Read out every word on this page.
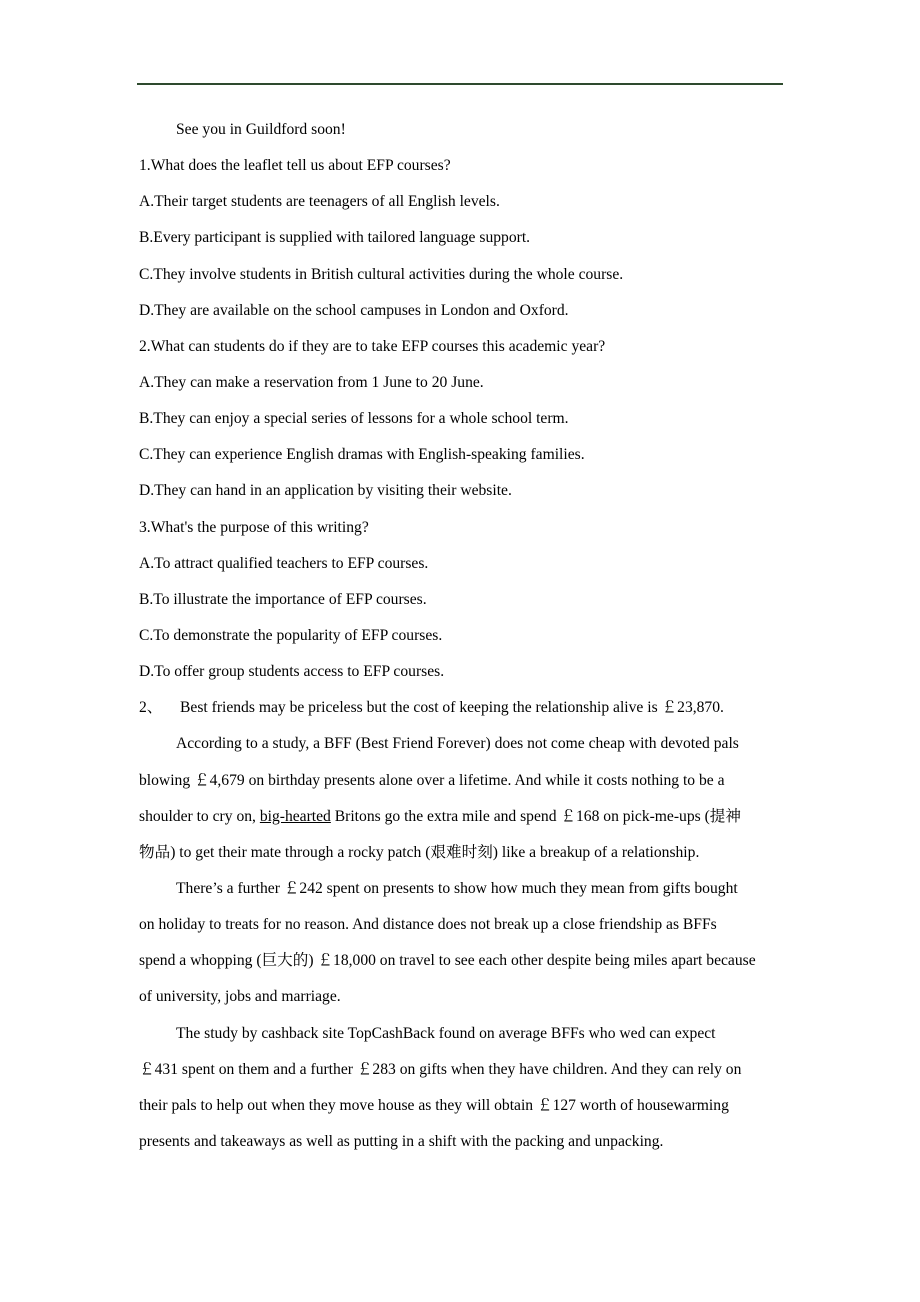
See you in Guildford soon!
1.What does the leaflet tell us about EFP courses?
A.Their target students are teenagers of all English levels.
B.Every participant is supplied with tailored language support.
C.They involve students in British cultural activities during the whole course.
D.They are available on the school campuses in London and Oxford.
2.What can students do if they are to take EFP courses this academic year?
A.They can make a reservation from 1 June to 20 June.
B.They can enjoy a special series of lessons for a whole school term.
C.They can experience English dramas with English-speaking families.
D.They can hand in an application by visiting their website.
3.What's the purpose of this writing?
A.To attract qualified teachers to EFP courses.
B.To illustrate the importance of EFP courses.
C.To demonstrate the popularity of EFP courses.
D.To offer group students access to EFP courses.
2、 Best friends may be priceless but the cost of keeping the relationship alive is ￡23,870.
According to a study, a BFF (Best Friend Forever) does not come cheap with devoted pals
blowing ￡4,679 on birthday presents alone over a lifetime. And while it costs nothing to be a
shoulder to cry on, big-hearted Britons go the extra mile and spend ￡168 on pick-me-ups (提神
物品) to get their mate through a rocky patch (艰难时刻) like a breakup of a relationship.
There’s a further ￡242 spent on presents to show how much they mean from gifts bought
on holiday to treats for no reason. And distance does not break up a close friendship as BFFs
spend a whopping (巨大的) ￡18,000 on travel to see each other despite being miles apart because
of university, jobs and marriage.
The study by cashback site TopCashBack found on average BFFs who wed can expect
￡431 spent on them and a further ￡283 on gifts when they have children. And they can rely on
their pals to help out when they move house as they will obtain ￡127 worth of housewarming
presents and takeaways as well as putting in a shift with the packing and unpacking.
